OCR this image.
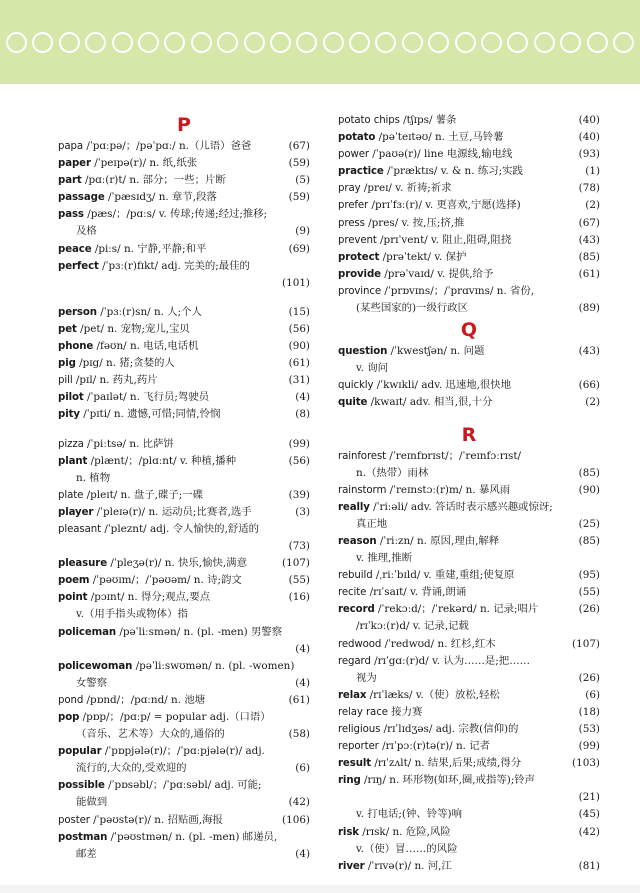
P
papa /ˈpɑːpə/；/pəˈpɑː/ n.（儿语）爸爸	(67)
paper /ˈpeɪpə(r)/ n. 纸,纸张	(59)
part /pɑː(r)t/ n. 部分；一些；片断	(5)
passage /ˈpæsɪdʒ/ n. 章节,段落	(59)
pass /pæs/；/pɑːs/ v. 传球;传递;经过;推移;
及格	(9)
peace /piːs/ n. 宁静,平静;和平	(69)
perfect /ˈpɜː(r)fɪkt/ adj. 完美的;最佳的
(101)
person /ˈpɜː(r)sn/ n. 人;个人	(15)
pet /pet/ n. 宠物;宠儿,宝贝	(56)
phone /fəʊn/ n. 电话,电话机	(90)
pig /pɪg/ n. 猪;贪婪的人	(61)
pill /pɪl/ n. 药丸,药片	(31)
pilot /ˈpaɪlət/ n. 飞行员;驾驶员	(4)
pity /ˈpɪti/ n. 遗憾,可惜;同情,怜悯	(8)
pizza /ˈpiːtsə/ n. 比萨饼	(99)
plant /plænt/；/plɑːnt/ v. 种植,播种	(56)
n. 植物
plate /pleɪt/ n. 盘子,碟子;一碟	(39)
player /ˈpleɪə(r)/ n. 运动员;比赛者,选手	(3)
pleasant /ˈpleznt/ adj. 令人愉快的,舒适的
(73)
pleasure /ˈpleʒə(r)/ n. 快乐,愉快,满意	(107)
poem /ˈpəʊɪm/；/ˈpəʊəm/ n. 诗;韵文	(55)
point /pɔɪnt/ n. 得分;观点,要点	(16)
v.（用手指头或物体）指
policeman /pəˈliːsmən/ n. (pl. -men) 男警察
(4)
policewoman /pəˈliːswʊmən/ n. (pl. -women)
女警察	(4)
pond /pɒnd/；/pɑːnd/ n. 池塘	(61)
pop /pɒp/；/pɑːp/ = popular adj.（口语）
（音乐、艺术等）大众的,通俗的	(58)
popular /ˈpɒpjələ(r)/；/ˈpɑːpjələ(r)/ adj.
流行的,大众的,受欢迎的	(6)
possible /ˈpɒsəbl/；/ˈpɑːsəbl/ adj. 可能;
能做到	(42)
poster /ˈpəʊstə(r)/ n. 招贴画,海报	(106)
postman /ˈpəʊstmən/ n. (pl. -men) 邮递员,
邮差	(4)
potato chips /tʃɪps/ 薯条	(40)
potato /pəˈteɪtəʊ/ n. 土豆,马铃薯	(40)
power /ˈpaʊə(r)/ line 电源线,输电线	(93)
practice /ˈpræktɪs/ v. & n. 练习;实践	(1)
pray /preɪ/ v. 祈祷;祈求	(78)
prefer /prɪˈfɜː(r)/ v. 更喜欢,宁愿(选择)	(2)
press /pres/ v. 按,压;挤,推	(67)
prevent /prɪˈvent/ v. 阻止,阻碍,阻挠	(43)
protect /prəˈtekt/ v. 保护	(85)
provide /prəˈvaɪd/ v. 提供,给予	(61)
province /ˈprɒvɪns/；/ˈprɑvɪns/ n. 省份,
(某些国家的)一级行政区	(89)
Q
question /ˈkwestʃən/ n. 问题	(43)
v. 询问
quickly /ˈkwɪkli/ adv. 迅速地,很快地	(66)
quite /kwaɪt/ adv. 相当,很,十分	(2)
R
rainforest /ˈreɪnfɒrɪst/；/ˈreɪnfɔːrɪst/
n.（热带）雨林	(85)
rainstorm /ˈreɪnstɔː(r)m/ n. 暴风雨	(90)
really /ˈriːəli/ adv. 答话时表示感兴趣或惊讶;
真正地	(25)
reason /ˈriːzn/ n. 原因,理由,解释	(85)
v. 推理,推断
rebuild /ˌriːˈbɪld/ v. 重建,重组;使复原	(95)
recite /rɪˈsaɪt/ v. 背诵,朗诵	(55)
record /ˈrekɔːd/；/ˈrekərd/ n. 记录;唱片	(26)
/rɪˈkɔː(r)d/ v. 记录,记载
redwood /ˈredwʊd/ n. 红杉,红木	(107)
regard /rɪˈgɑː(r)d/ v. 认为……是;把……
视为	(26)
relax /rɪˈlæks/ v.（使）放松,轻松	(6)
relay race 接力赛	(18)
religious /rɪˈlɪdʒəs/ adj. 宗教(信仰)的	(53)
reporter /rɪˈpɔː(r)tə(r)/ n. 记者	(99)
result /rɪˈzʌlt/ n. 结果,后果;成绩,得分	(103)
ring /rɪŋ/ n. 环形物(如环,圈,戒指等);铃声
(21)
v. 打电话;(钟、铃等)响	(45)
risk /rɪsk/ n. 危险,风险	(42)
v.（使）冒……的风险
river /ˈrɪvə(r)/ n. 河,江	(81)
